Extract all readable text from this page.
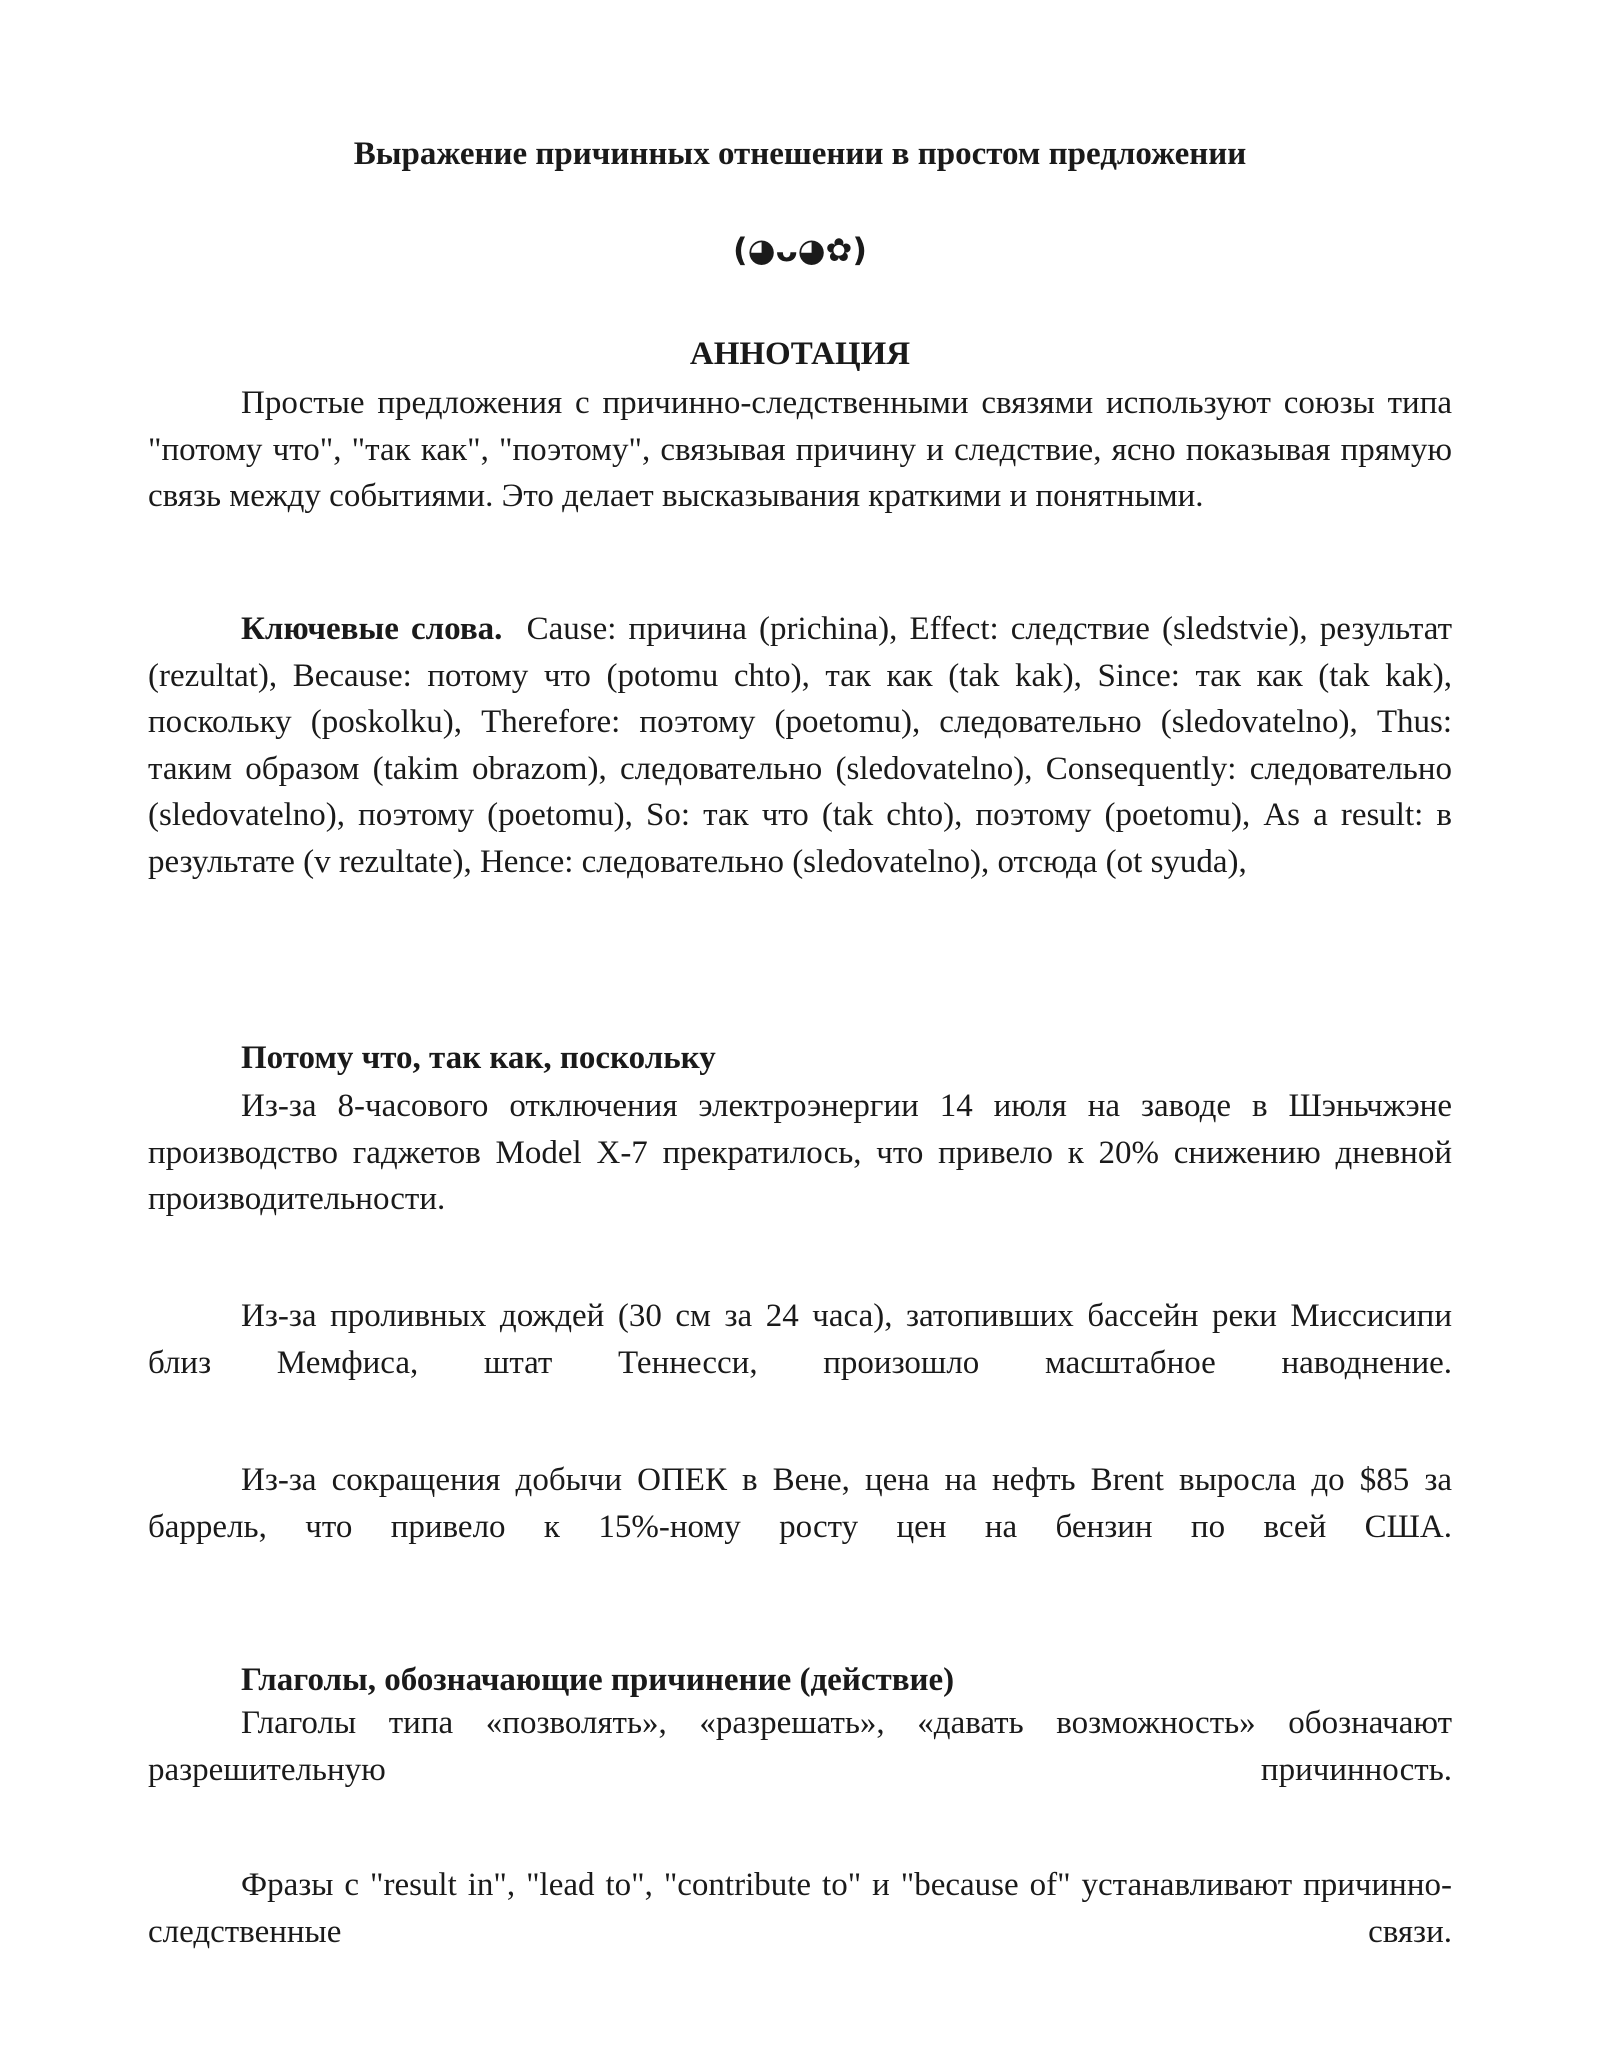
Выражение причинных отнешении в простом предложении
(◕ᴗ◕✿)
АННОТАЦИЯ

Простые предложения с причинно-следственными связями используют союзы типа "потому что", "так как", "поэтому", связывая причину и следствие, ясно показывая прямую связь между событиями. Это делает высказывания краткими и понятными.

Ключевые слова. Cause: причина (prichina), Effect: следствие (sledstvie), результат (rezultat), Because: потому что (potomu chto), так как (tak kak), Since: так как (tak kak), поскольку (poskolku), Therefore: поэтому (poetomu), следовательно (sledovatelno), Thus: таким образом (takim obrazom), следовательно (sledovatelno), Consequently: следовательно (sledovatelno), поэтому (poetomu), So: так что (tak chto), поэтому (poetomu), As a result: в результате (v rezultate), Hence: следовательно (sledovatelno), отсюда (ot syuda),

Потому что, так как, поскольку

Из-за 8-часового отключения электроэнергии 14 июля на заводе в Шэньчжэне производство гаджетов Model X-7 прекратилось, что привело к 20% снижению дневной производительности.

Из-за проливных дождей (30 см за 24 часа), затопивших бассейн реки Миссисипи близ Мемфиса, штат Теннесси, произошло масштабное наводнение.

Из-за сокращения добычи ОПЕК в Вене, цена на нефть Brent выросла до $85 за баррель, что привело к 15%-ному росту цен на бензин по всей США.

Глаголы, обозначающие причинение (действие)

Глаголы типа «позволять», «разрешать», «давать возможность» обозначают разрешительную причинность.

Фразы с "result in", "lead to", "contribute to" и "because of" устанавливают причинно-следственные связи.
